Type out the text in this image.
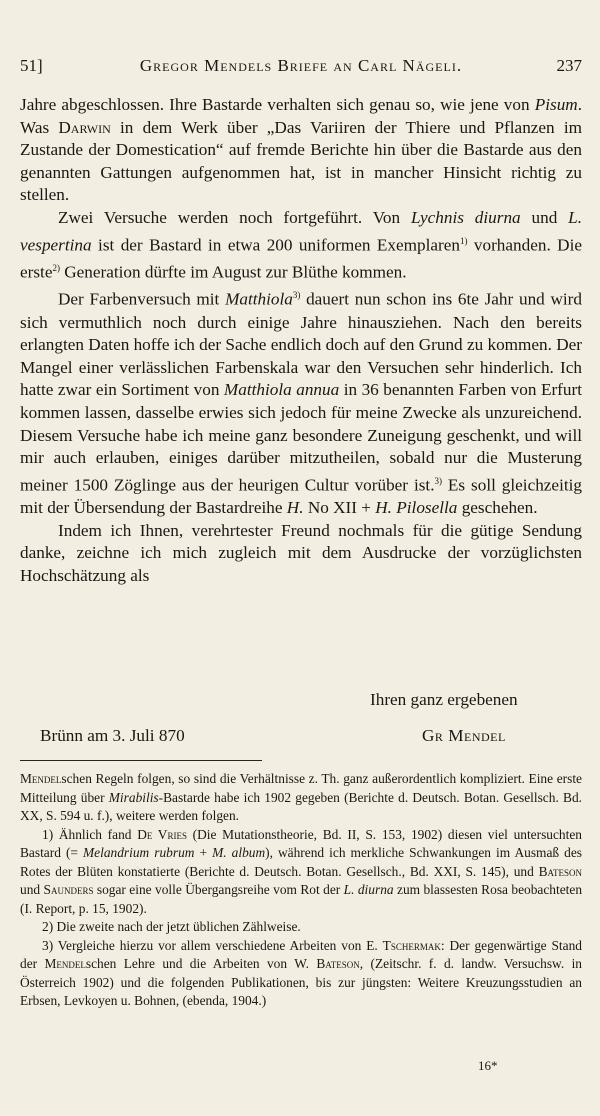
51]	Gregor Mendels Briefe an Carl Nägeli.	237

Jahre abgeschlossen. Ihre Bastarde verhalten sich genau so, wie jene von Pisum. Was Darwin in dem Werk über „Das Variiren der Thiere und Pflanzen im Zustande der Domestication“ auf fremde Berichte hin über die Bastarde aus den genannten Gattungen aufgenommen hat, ist in mancher Hinsicht richtig zu stellen.

Zwei Versuche werden noch fortgeführt. Von Lychnis diurna und L. vespertina ist der Bastard in etwa 200 uniformen Exemplaren$^{1)}$ vorhanden. Die erste$^{2)}$ Generation dürfte im August zur Blüthe kommen.

Der Farbenversuch mit Matthiola$^{3)}$ dauert nun schon ins 6te Jahr und wird sich vermuthlich noch durch einige Jahre hinausziehen. Nach den bereits erlangten Daten hoffe ich der Sache endlich doch auf den Grund zu kommen. Der Mangel einer verlässlichen Farbenskala war den Versuchen sehr hinderlich. Ich hatte zwar ein Sortiment von Matthiola annua in 36 benannten Farben von Erfurt kommen lassen, dasselbe erwies sich jedoch für meine Zwecke als unzureichend. Diesem Versuche habe ich meine ganz besondere Zuneigung geschenkt, und will mir auch erlauben, einiges darüber mitzutheilen, sobald nur die Musterung meiner 1500 Zöglinge aus der heurigen Cultur vorüber ist.$^{3)}$ Es soll gleichzeitig mit der Übersendung der Bastardreihe H. No XII + H. Pilosella geschehen.

Indem ich Ihnen, verehrtester Freund nochmals für die gütige Sendung danke, zeichne ich mich zugleich mit dem Ausdrucke der vorzüglichsten Hochschätzung als

Ihren ganz ergebenen
Brünn am 3. Juli 870	Gr Mendel

Mendelschen Regeln folgen, so sind die Verhältnisse z. Th. ganz außerordentlich kompliziert. Eine erste Mitteilung über Mirabilis-Bastarde habe ich 1902 gegeben (Berichte d. Deutsch. Botan. Gesellsch. Bd. XX, S. 594 u. f.), weitere werden folgen.

1) Ähnlich fand De Vries (Die Mutationstheorie, Bd. II, S. 153, 1902) diesen viel untersuchten Bastard (= Melandrium rubrum + M. album), während ich merkliche Schwankungen im Ausmaß des Rotes der Blüten konstatierte (Berichte d. Deutsch. Botan. Gesellsch., Bd. XXI, S. 145), und Bateson und Saunders sogar eine volle Übergangsreihe vom Rot der L. diurna zum blassesten Rosa beobachteten (I. Report, p. 15, 1902).

2) Die zweite nach der jetzt üblichen Zählweise.

3) Vergleiche hierzu vor allem verschiedene Arbeiten von E. Tschermak: Der gegenwärtige Stand der Mendelschen Lehre und die Arbeiten von W. Bateson, (Zeitschr. f. d. landw. Versuchsw. in Österreich 1902) und die folgenden Publikationen, bis zur jüngsten: Weitere Kreuzungsstudien an Erbsen, Levkoyen u. Bohnen, (ebenda, 1904.)

16*
